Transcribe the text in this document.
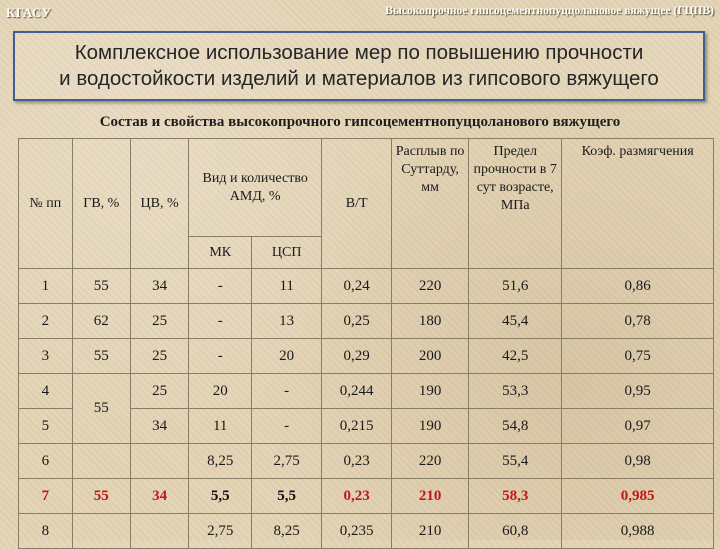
КГАСУ	Высокопрочное гипсоцементнопуццолановое вяжущее (ГЦПВ)
Комплексное использование мер по повышению прочности
и водостойкости изделий и материалов из гипсового вяжущего
Состав и свойства высокопрочного гипсоцементнопуццоланового вяжущего
№ пп	ГВ, %	ЦВ, %	Вид и количество АМД, %		В/Т	Расплыв по Суттарду, мм	Предел прочности в 7 сут возрасте, МПа	Коэф. размягчения
			МК	ЦСП				
1	55	34	-	11	0,24	220	51,6	0,86
2	62	25	-	13	0,25	180	45,4	0,78
3	55	25	-	20	0,29	200	42,5	0,75
4	55	25	20	-	0,244	190	53,3	0,95
5		34	11	-	0,215	190	54,8	0,97
6			8,25	2,75	0,23	220	55,4	0,98
7	55	34	5,5	5,5	0,23	210	58,3	0,985
8			2,75	8,25	0,235	210	60,8	0,988
